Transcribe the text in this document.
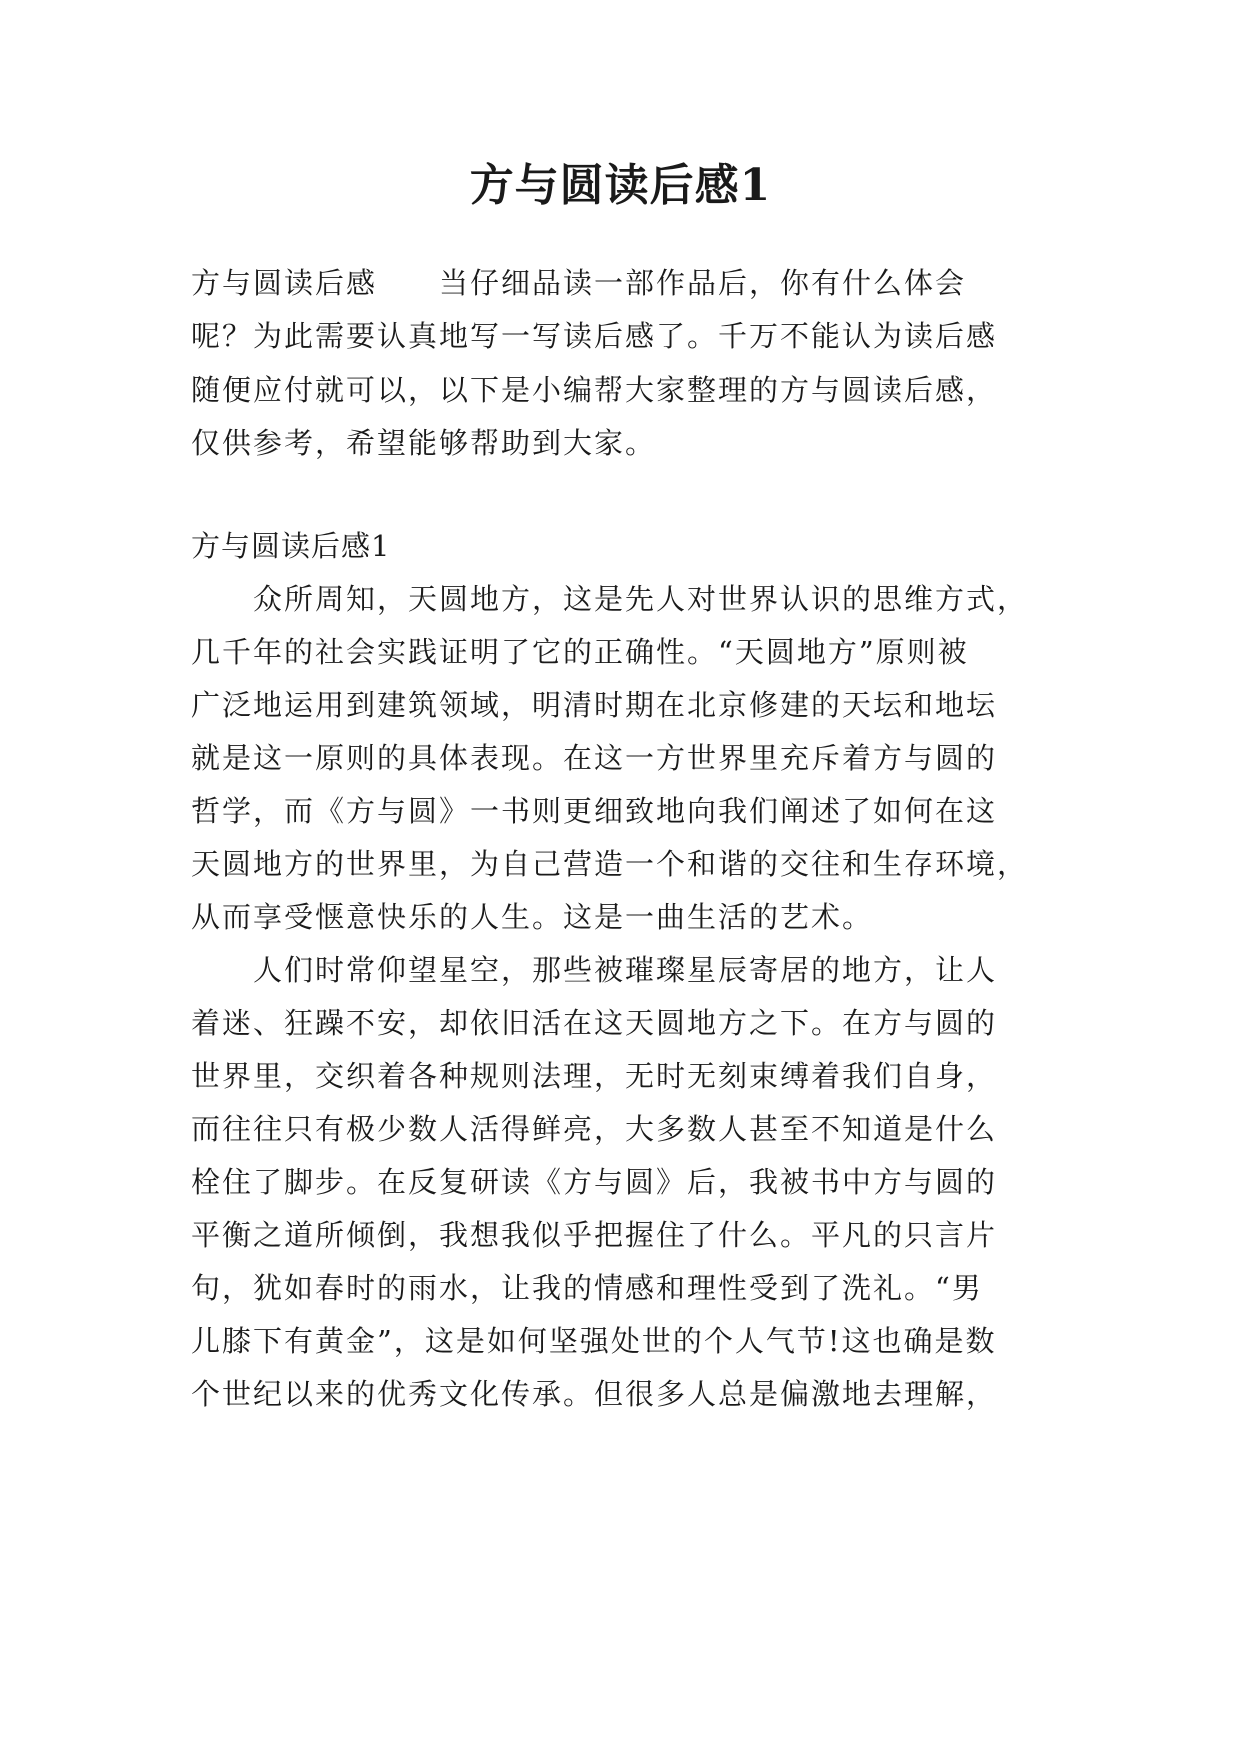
方与圆读后感1
方与圆读后感　　当仔细品读一部作品后，你有什么体会
呢？为此需要认真地写一写读后感了。千万不能认为读后感
随便应付就可以，以下是小编帮大家整理的方与圆读后感，
仅供参考，希望能够帮助到大家。
方与圆读后感1
　　众所周知，天圆地方，这是先人对世界认识的思维方式，
几千年的社会实践证明了它的正确性。“天圆地方”原则被
广泛地运用到建筑领域，明清时期在北京修建的天坛和地坛
就是这一原则的具体表现。在这一方世界里充斥着方与圆的
哲学，而《方与圆》一书则更细致地向我们阐述了如何在这
天圆地方的世界里，为自己营造一个和谐的交往和生存环境，
从而享受惬意快乐的人生。这是一曲生活的艺术。
　　人们时常仰望星空，那些被璀璨星辰寄居的地方，让人
着迷、狂躁不安，却依旧活在这天圆地方之下。在方与圆的
世界里，交织着各种规则法理，无时无刻束缚着我们自身，
而往往只有极少数人活得鲜亮，大多数人甚至不知道是什么
栓住了脚步。在反复研读《方与圆》后，我被书中方与圆的
平衡之道所倾倒，我想我似乎把握住了什么。平凡的只言片
句，犹如春时的雨水，让我的情感和理性受到了洗礼。“男
儿膝下有黄金”，这是如何坚强处世的个人气节!这也确是数
个世纪以来的优秀文化传承。但很多人总是偏激地去理解，
